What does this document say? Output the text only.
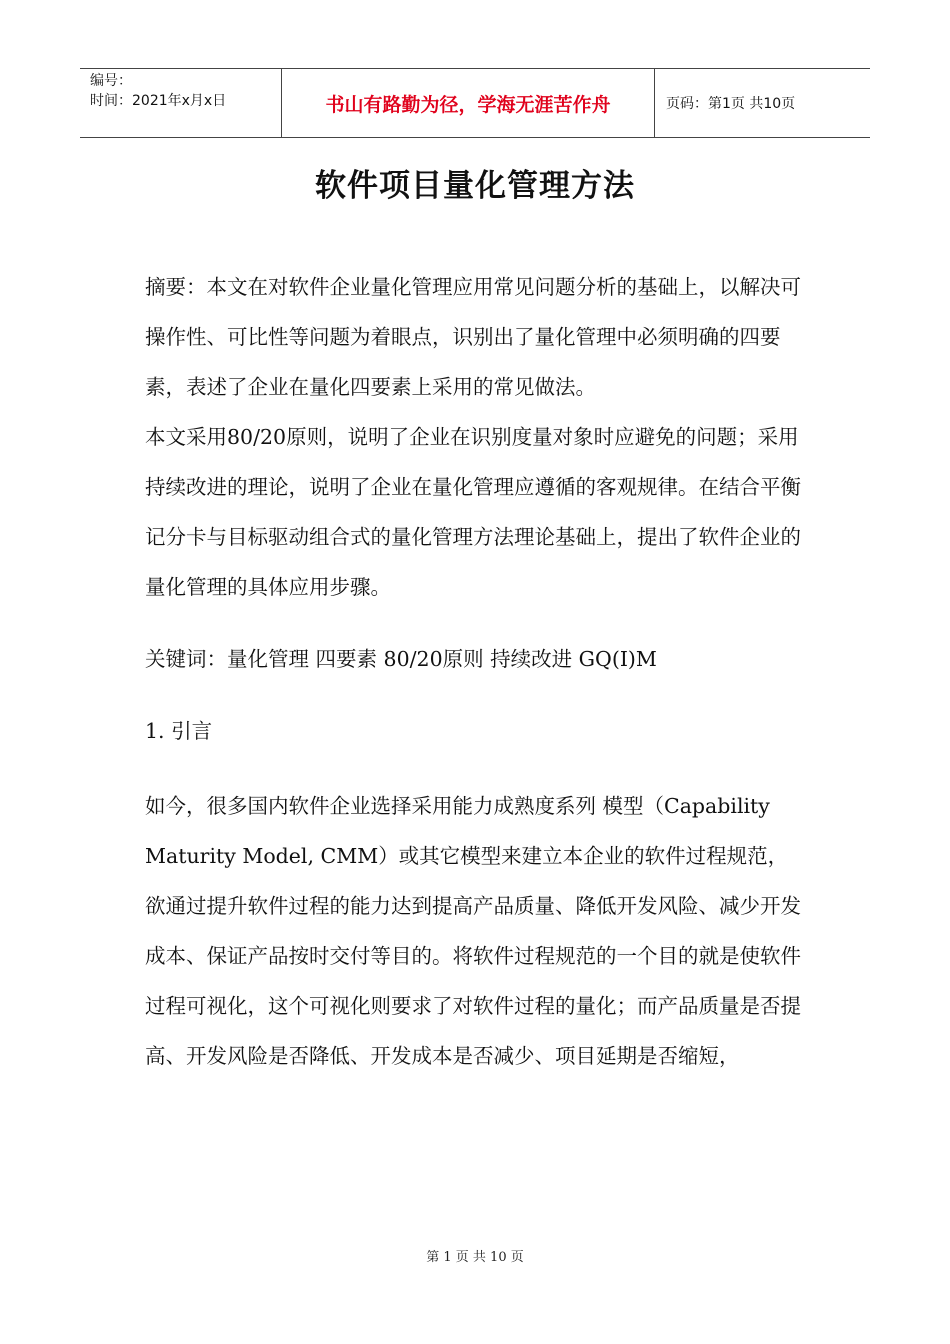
编号：
时间：2021年x月x日	书山有路勤为径，学海无涯苦作舟	页码：第1页 共10页
软件项目量化管理方法

摘要：本文在对软件企业量化管理应用常见问题分析的基础上，以解决可操作性、可比性等问题为着眼点，识别出了量化管理中必须明确的四要素，表述了企业在量化四要素上采用的常见做法。

本文采用80/20原则，说明了企业在识别度量对象时应避免的问题；采用持续改进的理论，说明了企业在量化管理应遵循的客观规律。在结合平衡记分卡与目标驱动组合式的量化管理方法理论基础上，提出了软件企业的量化管理的具体应用步骤。

关键词：量化管理 四要素 80/20原则 持续改进 GQ(I)M

1. 引言

如今，很多国内软件企业选择采用能力成熟度系列 模型（Capability Maturity Model, CMM）或其它模型来建立本企业的软件过程规范，欲通过提升软件过程的能力达到提高产品质量、降低开发风险、减少开发成本、保证产品按时交付等目的。将软件过程规范的一个目的就是使软件过程可视化，这个可视化则要求了对软件过程的量化；而产品质量是否提高、开发风险是否降低、开发成本是否减少、项目延期是否缩短，

第 1 页 共 10 页
